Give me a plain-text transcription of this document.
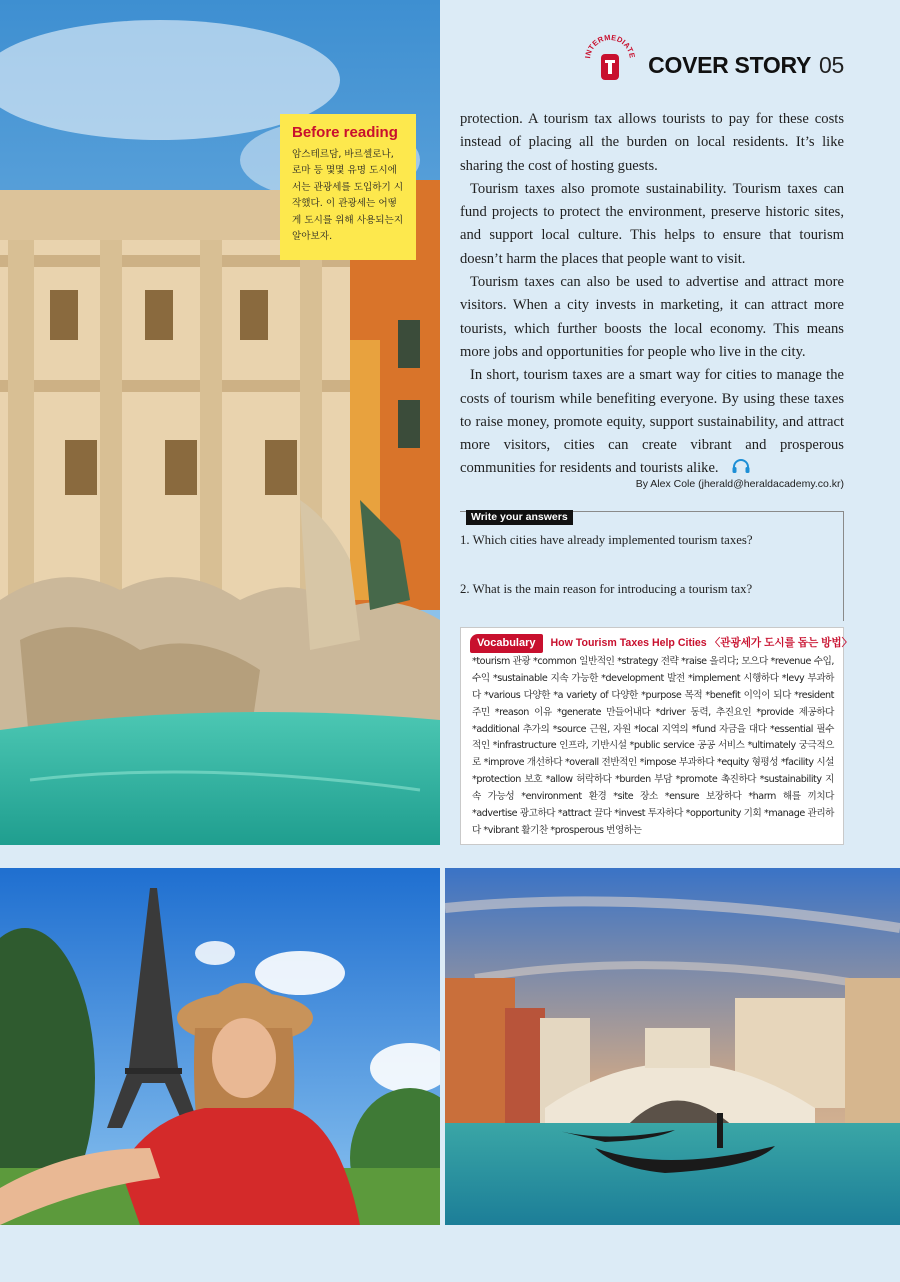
INTERMEDIATE COVER STORY 05
Before reading
암스테르담, 바르셀로나, 로마 등 몇몇 유명 도시에서는 관광세를 도입하기 시작했다. 이 관광세는 어떻게 도시를 위해 사용되는지 알아보자.

protection. A tourism tax allows tourists to pay for these costs instead of placing all the burden on local residents. It’s like sharing the cost of hosting guests.

Tourism taxes also promote sustainability. Tourism taxes can fund projects to protect the environment, preserve historic sites, and support local culture. This helps to ensure that tourism doesn’t harm the places that people want to visit.

Tourism taxes can also be used to advertise and attract more visitors. When a city invests in marketing, it can attract more tourists, which further boosts the local economy. This means more jobs and opportunities for people who live in the city.

In short, tourism taxes are a smart way for cities to manage the costs of tourism while benefiting everyone. By using these taxes to raise money, promote equity, support sustainability, and attract more visitors, cities can create vibrant and prosperous communities for residents and tourists alike.

By Alex Cole (jherald@heraldacademy.co.kr)
Write your answers
1. Which cities have already implemented tourism taxes?
2. What is the main reason for introducing a tourism tax?
Vocabulary	How Tourism Taxes Help Cities 〈관광세가 도시를 돕는 방법〉
*tourism 관광 *common 일반적인 *strategy 전략 *raise 올리다; 모으다 *revenue 수입, 수익 *sustainable 지속 가능한 *development 발전 *implement 시행하다 *levy 부과하다 *various 다양한 *a variety of 다양한 *purpose 목적 *benefit 이익이 되다 *resident 주민 *reason 이유 *generate 만들어내다 *driver 동력, 추진요인 *provide 제공하다 *additional 추가의 *source 근원, 자원 *local 지역의 *fund 자금을 대다 *essential 필수적인 *infrastructure 인프라, 기반시설 *public service 공공 서비스 *ultimately 궁극적으로 *improve 개선하다 *overall 전반적인 *impose 부과하다 *equity 형평성 *facility 시설 *protection 보호 *allow 허락하다 *burden 부담 *promote 촉진하다 *sustainability 지속 가능성 *environment 환경 *site 장소 *ensure 보장하다 *harm 해를 끼치다 *advertise 광고하다 *attract 끌다 *invest 투자하다 *opportunity 기회 *manage 관리하다 *vibrant 활기찬 *prosperous 번영하는
